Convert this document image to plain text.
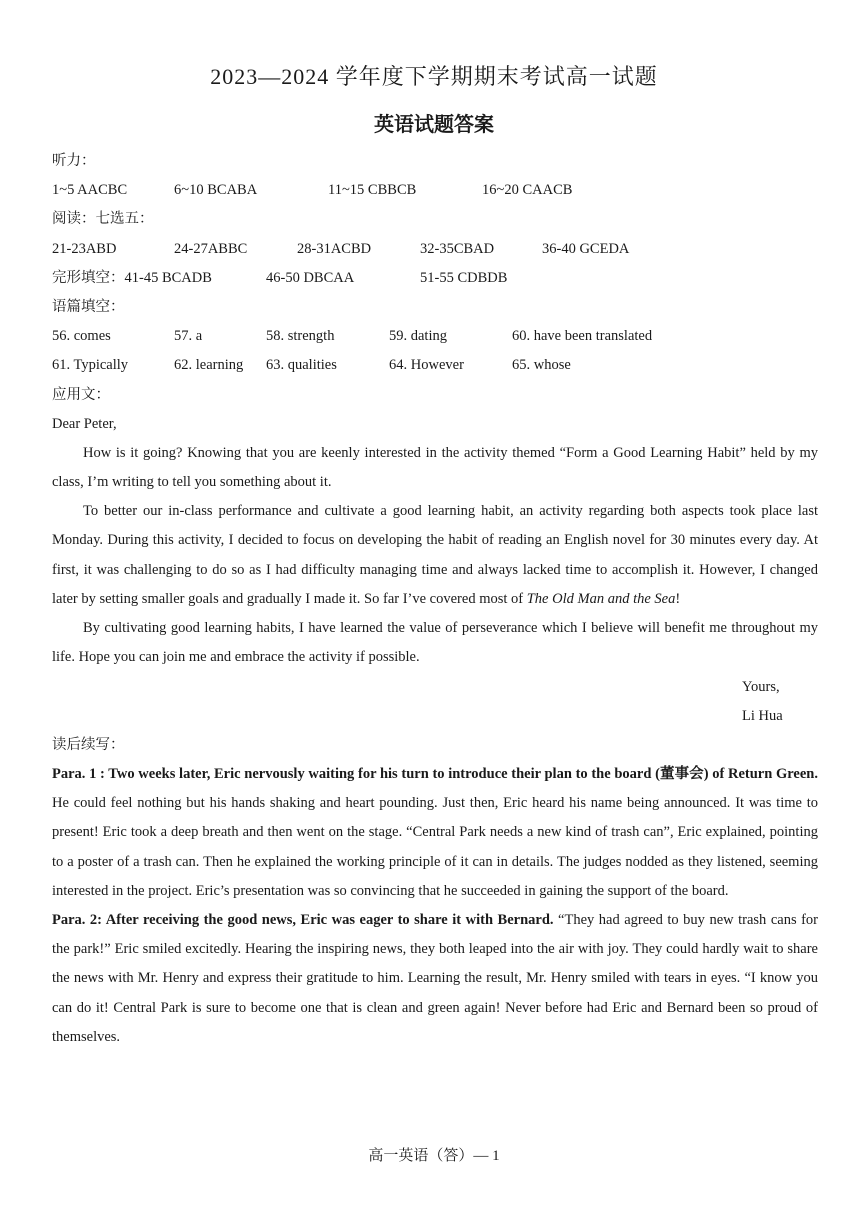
2023—2024 学年度下学期期末考试高一试题
英语试题答案
听力：
1~5 AACBC	6~10 BCABA	11~15 CBBCB	16~20 CAACB
阅读：七选五：
21-23ABD	24-27ABBC	28-31ACBD	32-35CBAD	36-40 GCEDA
完形填空：41-45 BCADB	46-50 DBCAA	51-55 CDBDB
语篇填空：
56. comes	57. a	58. strength	59. dating	60. have been translated
61. Typically	62. learning 63. qualities	64. However	65. whose
应用文：
Dear Peter,

How is it going? Knowing that you are keenly interested in the activity themed “Form a Good Learning Habit” held by my class, I’m writing to tell you something about it.

To better our in-class performance and cultivate a good learning habit, an activity regarding both aspects took place last Monday. During this activity, I decided to focus on developing the habit of reading an English novel for 30 minutes every day. At first, it was challenging to do so as I had difficulty managing time and always lacked time to accomplish it. However, I changed later by setting smaller goals and gradually I made it. So far I’ve covered most of The Old Man and the Sea!

By cultivating good learning habits, I have learned the value of perseverance which I believe will benefit me throughout my life. Hope you can join me and embrace the activity if possible.

Yours,
Li Hua
读后续写：

Para. 1 : Two weeks later, Eric nervously waiting for his turn to introduce their plan to the board (董事会) of Return Green. He could feel nothing but his hands shaking and heart pounding. Just then, Eric heard his name being announced. It was time to present! Eric took a deep breath and then went on the stage. “Central Park needs a new kind of trash can”, Eric explained, pointing to a poster of a trash can. Then he explained the working principle of it can in details. The judges nodded as they listened, seeming interested in the project. Eric’s presentation was so convincing that he succeeded in gaining the support of the board.

Para. 2: After receiving the good news, Eric was eager to share it with Bernard. “They had agreed to buy new trash cans for the park!” Eric smiled excitedly. Hearing the inspiring news, they both leaped into the air with joy. They could hardly wait to share the news with Mr. Henry and express their gratitude to him. Learning the result, Mr. Henry smiled with tears in eyes. “I know you can do it! Central Park is sure to become one that is clean and green again! Never before had Eric and Bernard been so proud of themselves.

高一英语（答）— 1
